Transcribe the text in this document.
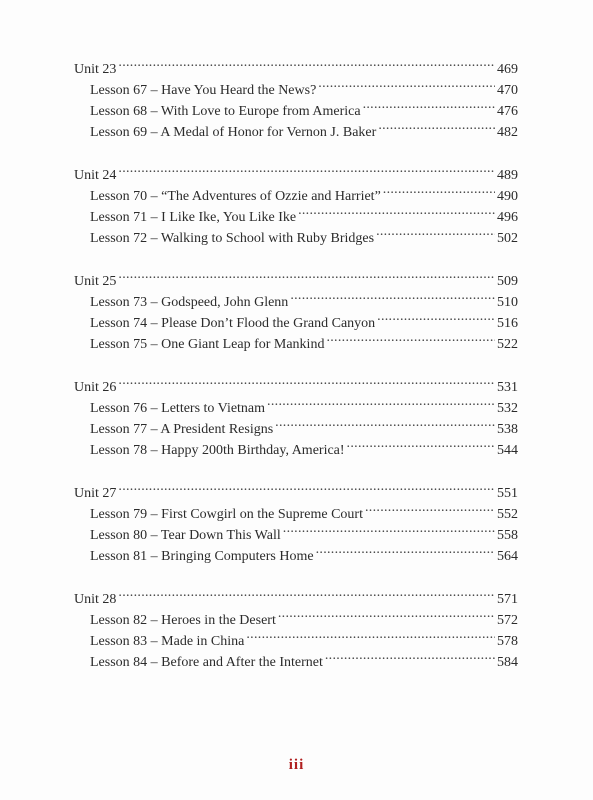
Unit 23 . . .	469
Lesson 67 – Have You Heard the News? . . .	470
Lesson 68 – With Love to Europe from America . . .	476
Lesson 69 – A Medal of Honor for Vernon J. Baker . . .	482
Unit 24 . . .	489
Lesson 70 – “The Adventures of Ozzie and Harriet” . . .	490
Lesson 71 – I Like Ike, You Like Ike . . .	496
Lesson 72 – Walking to School with Ruby Bridges . . .	502
Unit 25 . . .	509
Lesson 73 – Godspeed, John Glenn . . .	510
Lesson 74 – Please Don’t Flood the Grand Canyon . . .	516
Lesson 75 – One Giant Leap for Mankind . . .	522
Unit 26 . . .	531
Lesson 76 – Letters to Vietnam . . .	532
Lesson 77 – A President Resigns . . .	538
Lesson 78 – Happy 200th Birthday, America! . . .	544
Unit 27 . . .	551
Lesson 79 – First Cowgirl on the Supreme Court . . .	552
Lesson 80 – Tear Down This Wall . . .	558
Lesson 81 – Bringing Computers Home . . .	564
Unit 28 . . .	571
Lesson 82 – Heroes in the Desert . . .	572
Lesson 83 – Made in China . . .	578
Lesson 84 – Before and After the Internet . . .	584
iii
